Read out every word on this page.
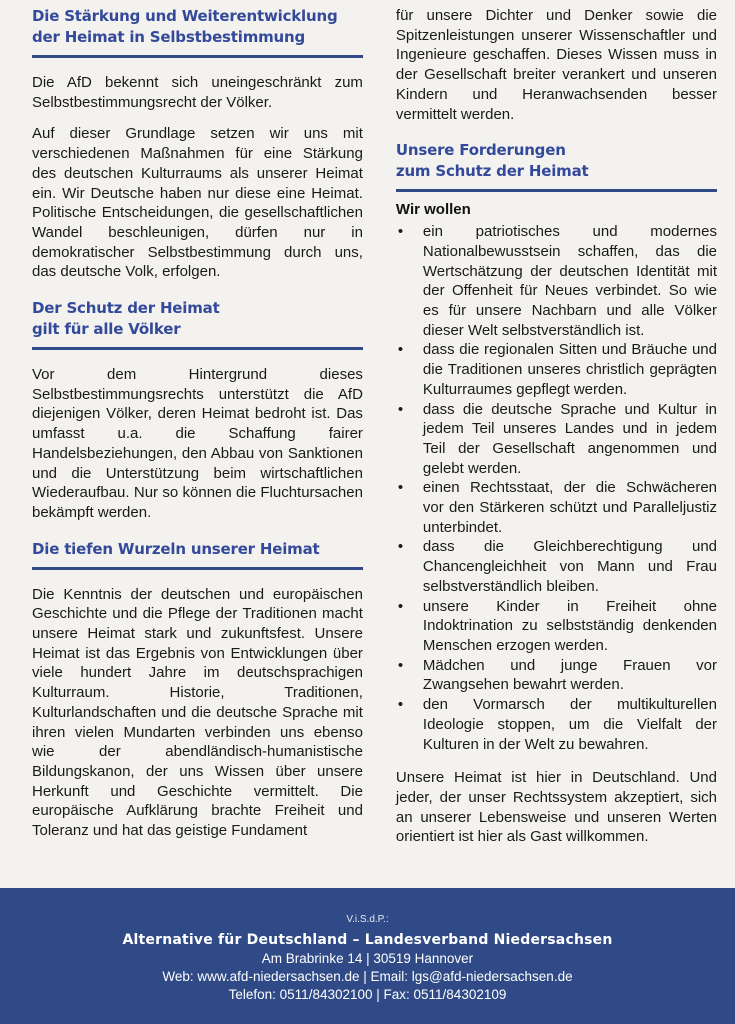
Die Stärkung und Weiterentwicklung
der Heimat in Selbstbestimmung

Die AfD bekennt sich uneingeschränkt zum Selbstbestimmungsrecht der Völker.

Auf dieser Grundlage setzen wir uns mit verschiedenen Maßnahmen für eine Stärkung des deutschen Kulturraums als unserer Heimat ein. Wir Deutsche haben nur diese eine Heimat. Politische Entscheidungen, die gesellschaftlichen Wandel beschleunigen, dürfen nur in demokratischer Selbstbestimmung durch uns, das deutsche Volk, erfolgen.

Der Schutz der Heimat
gilt für alle Völker

Vor dem Hintergrund dieses Selbstbestimmungsrechts unterstützt die AfD diejenigen Völker, deren Heimat bedroht ist. Das umfasst u.a. die Schaffung fairer Handelsbeziehungen, den Abbau von Sanktionen und die Unterstützung beim wirtschaftlichen Wiederaufbau. Nur so können die Fluchtursachen bekämpft werden.

Die tiefen Wurzeln unserer Heimat

Die Kenntnis der deutschen und europäischen Geschichte und die Pflege der Traditionen macht unsere Heimat stark und zukunftsfest. Unsere Heimat ist das Ergebnis von Entwicklungen über viele hundert Jahre im deutschsprachigen Kulturraum. Historie, Traditionen, Kulturlandschaften und die deutsche Sprache mit ihren vielen Mundarten verbinden uns ebenso wie der abendländisch-humanistische Bildungskanon, der uns Wissen über unsere Herkunft und Geschichte vermittelt. Die europäische Aufklärung brachte Freiheit und Toleranz und hat das geistige Fundament

für unsere Dichter und Denker sowie die Spitzenleistungen unserer Wissenschaftler und Ingenieure geschaffen. Dieses Wissen muss in der Gesellschaft breiter verankert und unseren Kindern und Heranwachsenden besser vermittelt werden.

Unsere Forderungen
zum Schutz der Heimat
Wir wollen
•	ein patriotisches und modernes Nationalbewusstsein schaffen, das die Wertschätzung der deutschen Identität mit der Offenheit für Neues verbindet. So wie es für unsere Nachbarn und alle Völker dieser Welt selbstverständlich ist.
•	dass die regionalen Sitten und Bräuche und die Traditionen unseres christlich geprägten Kulturraumes gepflegt werden.
•	dass die deutsche Sprache und Kultur in jedem Teil unseres Landes und in jedem Teil der Gesellschaft angenommen und gelebt werden.
•	einen Rechtsstaat, der die Schwächeren vor den Stärkeren schützt und Paralleljustiz unterbindet.
•	dass die Gleichberechtigung und Chancengleichheit von Mann und Frau selbstverständlich bleiben.
•	unsere Kinder in Freiheit ohne Indoktrination zu selbstständig denkenden Menschen erzogen werden.
•	Mädchen und junge Frauen vor Zwangsehen bewahrt werden.
•	den Vormarsch der multikulturellen Ideologie stoppen, um die Vielfalt der Kulturen in der Welt zu bewahren.

Unsere Heimat ist hier in Deutschland. Und jeder, der unser Rechtssystem akzeptiert, sich an unserer Lebensweise und unseren Werten orientiert ist hier als Gast willkommen.

V.i.S.d.P.:
Alternative für Deutschland – Landesverband Niedersachsen
Am Brabrinke 14 | 30519 Hannover
Web: www.afd-niedersachsen.de | Email: lgs@afd-niedersachsen.de
Telefon: 0511/84302100 | Fax: 0511/84302109
